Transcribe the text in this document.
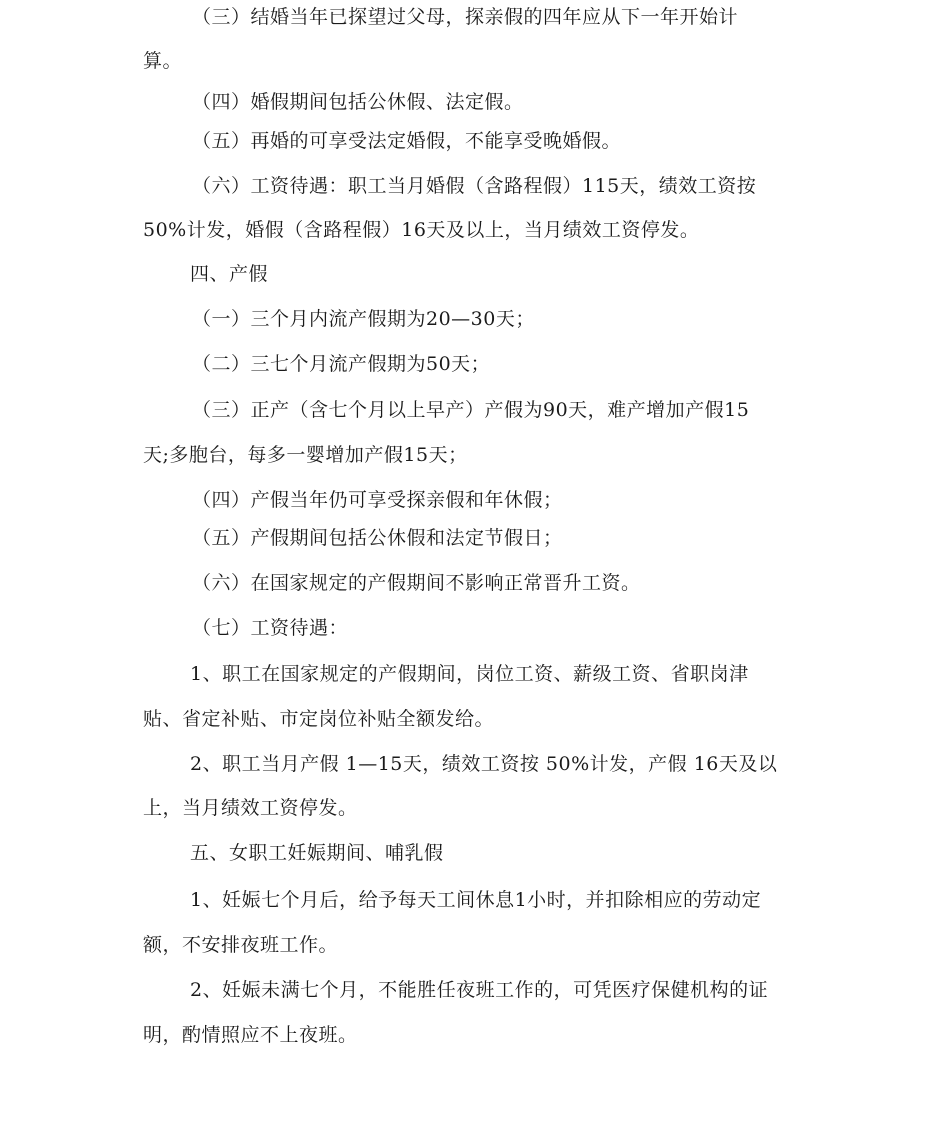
（三）结婚当年已探望过父母，探亲假的四年应从下一年开始计
算。
（四）婚假期间包括公休假、法定假。
（五）再婚的可享受法定婚假，不能享受晚婚假。
（六）工资待遇：职工当月婚假（含路程假）115天，绩效工资按
50%计发，婚假（含路程假）16天及以上，当月绩效工资停发。
四、产假
（一）三个月内流产假期为20—30天；
（二）三七个月流产假期为50天；
（三）正产（含七个月以上早产）产假为90天，难产增加产假15
天;多胞台，每多一婴增加产假15天；
（四）产假当年仍可享受探亲假和年休假；
（五）产假期间包括公休假和法定节假日；
（六）在国家规定的产假期间不影响正常晋升工资。
（七）工资待遇：
1、职工在国家规定的产假期间，岗位工资、薪级工资、省职岗津
贴、省定补贴、市定岗位补贴全额发给。
2、职工当月产假 1—15天，绩效工资按 50%计发，产假 16天及以
上，当月绩效工资停发。
五、女职工妊娠期间、哺乳假
1、妊娠七个月后，给予每天工间休息1小时，并扣除相应的劳动定
额，不安排夜班工作。
2、妊娠未满七个月，不能胜任夜班工作的，可凭医疗保健机构的证
明，酌情照应不上夜班。
